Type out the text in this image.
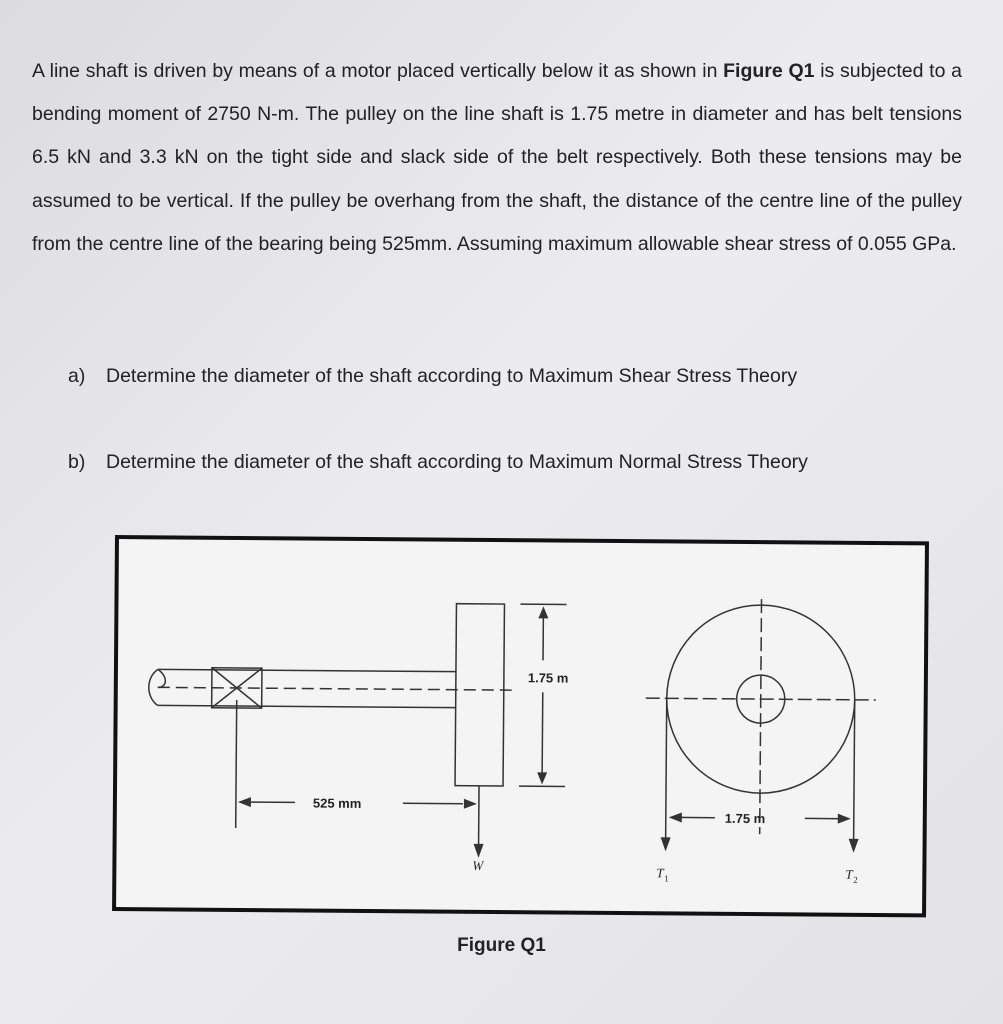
A line shaft is driven by means of a motor placed vertically below it as shown in Figure Q1 is subjected to a bending moment of 2750 N-m. The pulley on the line shaft is 1.75 metre in diameter and has belt tensions 6.5 kN and 3.3 kN on the tight side and slack side of the belt respectively. Both these tensions may be assumed to be vertical. If the pulley be overhang from the shaft, the distance of the centre line of the pulley from the centre line of the bearing being 525mm. Assuming maximum allowable shear stress of 0.055 GPa.
a) Determine the diameter of the shaft according to Maximum Shear Stress Theory
b) Determine the diameter of the shaft according to Maximum Normal Stress Theory
1.75 m
525 mm
1.75 m
W	T 1	T 2
Figure Q1
